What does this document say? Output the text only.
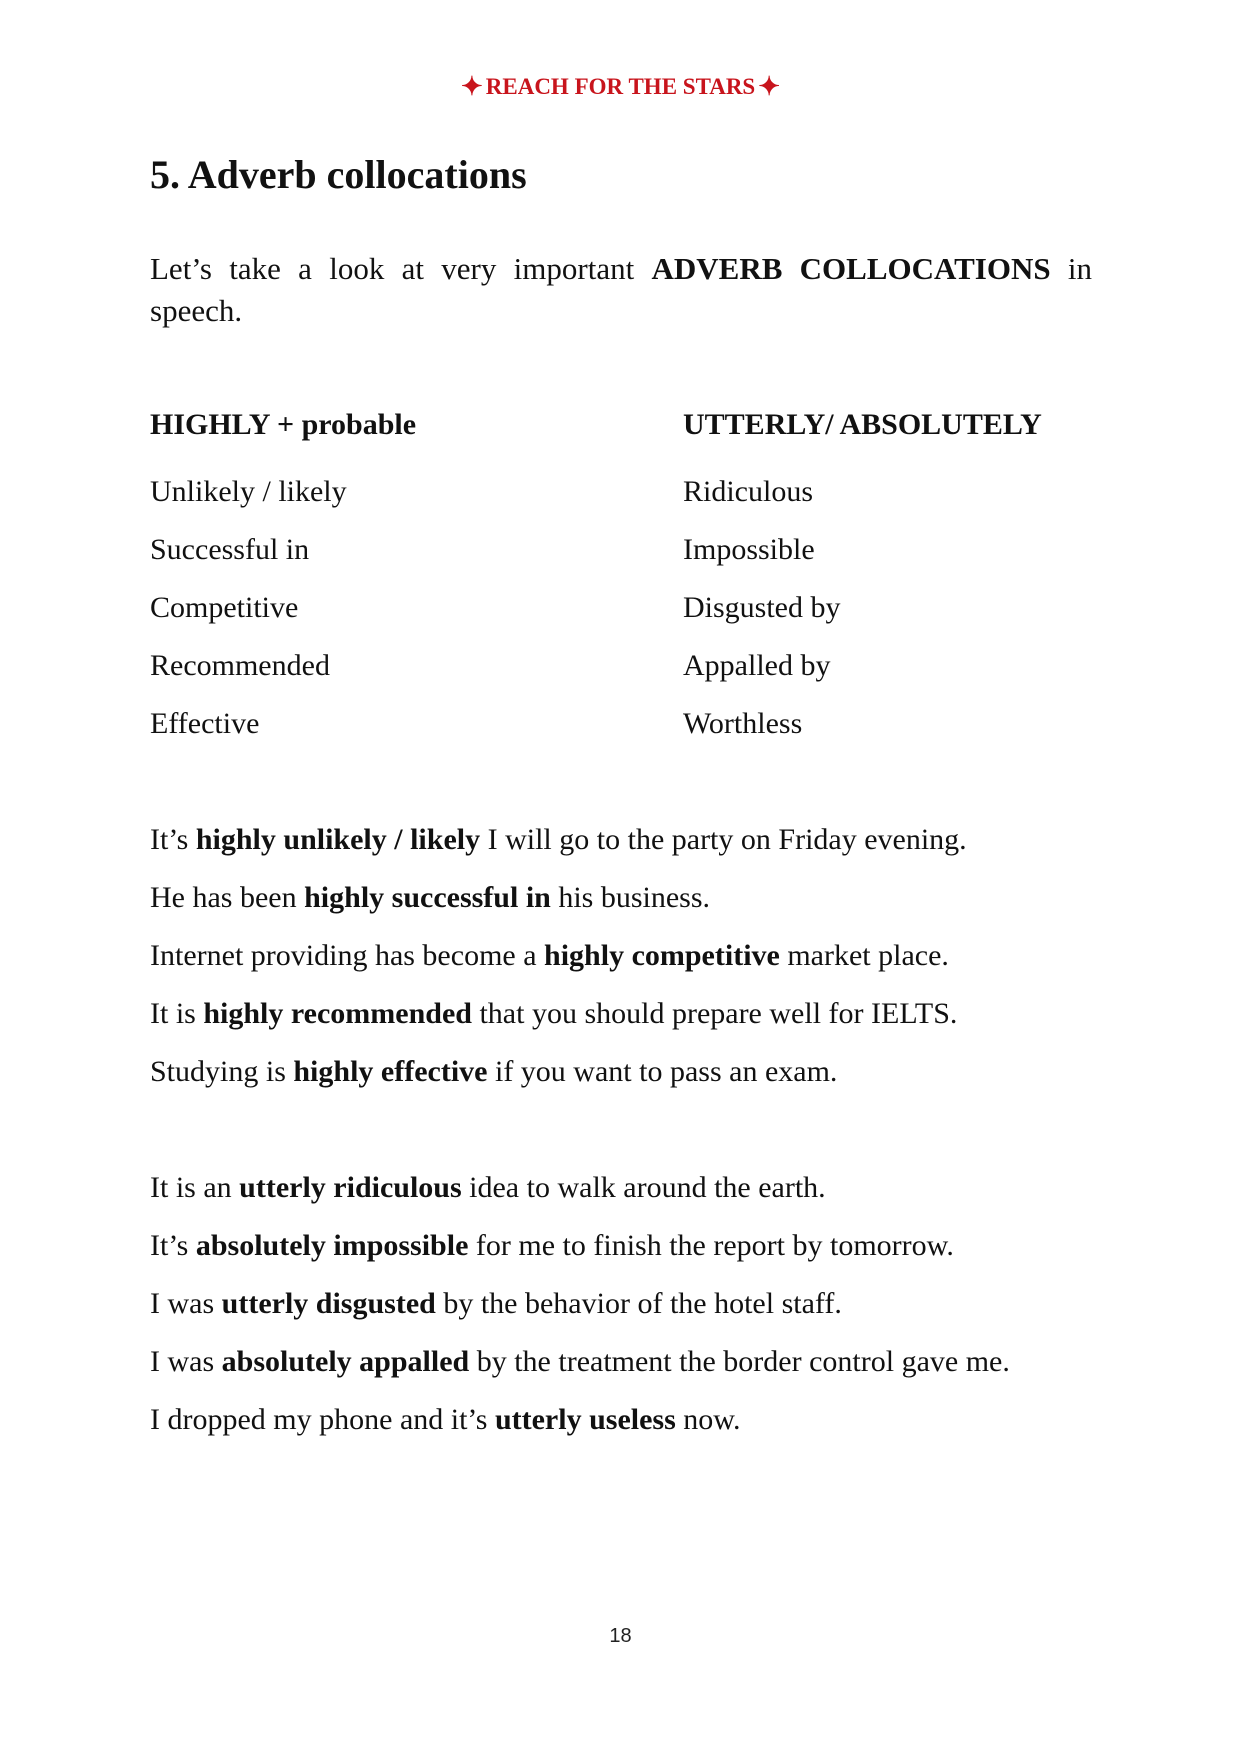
✦ REACH FOR THE STARS ✦
5. Adverb collocations

Let’s take a look at very important ADVERB COLLOCATIONS in speech.

HIGHLY + probable
Unlikely / likely
Successful in
Competitive
Recommended
Effective
UTTERLY/ ABSOLUTELY
Ridiculous
Impossible
Disgusted by
Appalled by
Worthless
It’s highly unlikely / likely I will go to the party on Friday evening.
He has been highly successful in his business.
Internet providing has become a highly competitive market place.
It is highly recommended that you should prepare well for IELTS.
Studying is highly effective if you want to pass an exam.
It is an utterly ridiculous idea to walk around the earth.
It’s absolutely impossible for me to finish the report by tomorrow.
I was utterly disgusted by the behavior of the hotel staff.
I was absolutely appalled by the treatment the border control gave me.
I dropped my phone and it’s utterly useless now.
18
